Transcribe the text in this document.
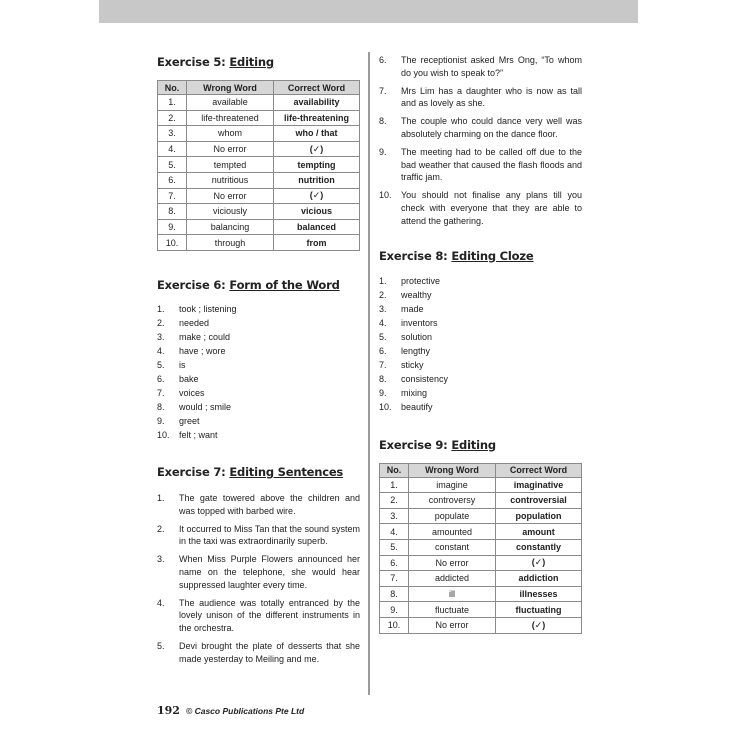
Exercise 5: Editing
No.	Wrong Word	Correct Word
1.	available	availability
2.	life-threatened	life-threatening
3.	whom	who / that
4.	No error	(✓)
5.	tempted	tempting
6.	nutritious	nutrition
7.	No error	(✓)
8.	viciously	vicious
9.	balancing	balanced
10.	through	from
Exercise 6: Form of the Word
1.	took ; listening
2.	needed
3.	make ; could
4.	have ; wore
5.	is
6.	bake
7.	voices
8.	would ; smile
9.	greet
10.	felt ; want
Exercise 7: Editing Sentences
1.	The gate towered above the children and was topped with barbed wire.
2.	It occurred to Miss Tan that the sound system in the taxi was extraordinarily superb.
3.	When Miss Purple Flowers announced her name on the telephone, she would hear suppressed laughter every time.
4.	The audience was totally entranced by the lovely unison of the different instruments in the orchestra.
5.	Devi brought the plate of desserts that she made yesterday to Meiling and me.
6.	The receptionist asked Mrs Ong, “To whom do you wish to speak to?”
7.	Mrs Lim has a daughter who is now as tall and as lovely as she.
8.	The couple who could dance very well was absolutely charming on the dance floor.
9.	The meeting had to be called off due to the bad weather that caused the flash floods and traffic jam.
10.	You should not finalise any plans till you check with everyone that they are able to attend the gathering.
Exercise 8: Editing Cloze
1.	protective
2.	wealthy
3.	made
4.	inventors
5.	solution
6.	lengthy
7.	sticky
8.	consistency
9.	mixing
10.	beautify
Exercise 9: Editing
No.	Wrong Word	Correct Word
1.	imagine	imaginative
2.	controversy	controversial
3.	populate	population
4.	amounted	amount
5.	constant	constantly
6.	No error	(✓)
7.	addicted	addiction
8.	ill	illnesses
9.	fluctuate	fluctuating
10.	No error	(✓)
192 © Casco Publications Pte Ltd
